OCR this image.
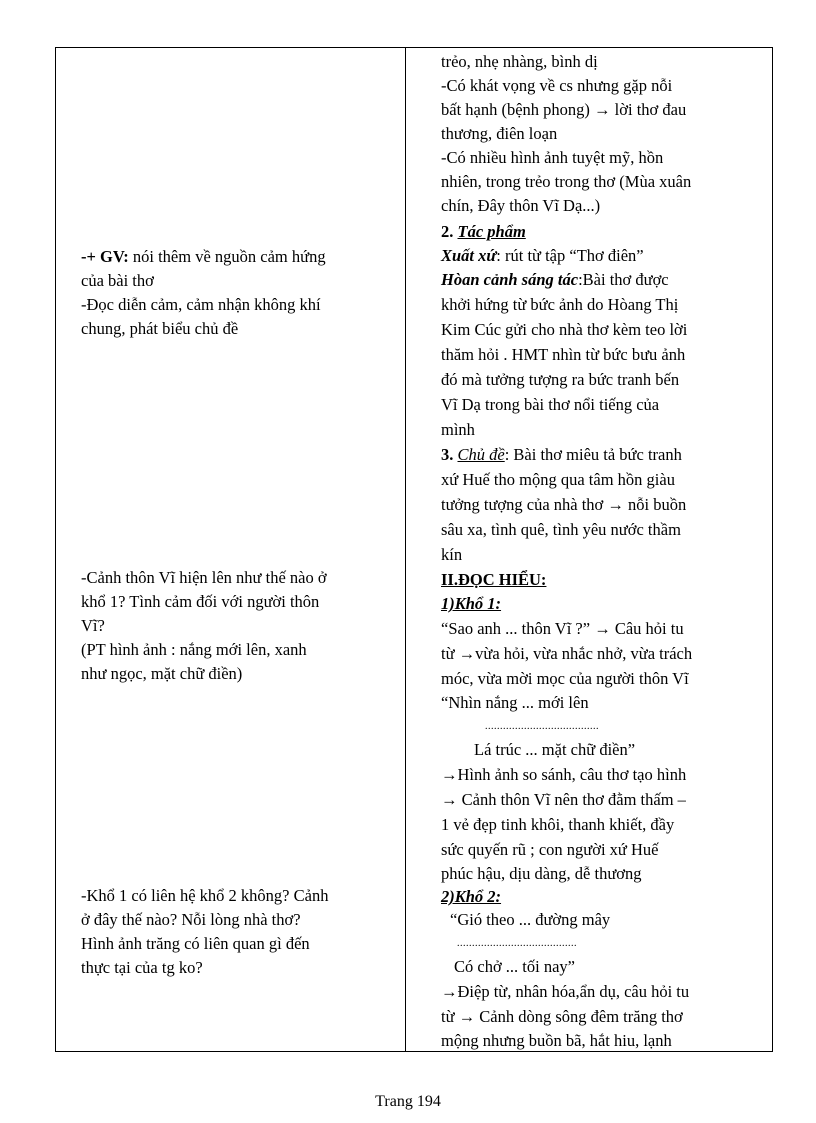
-+ GV: nói thêm về nguồn cảm hứng
của bài thơ
-Đọc diễn cảm, cảm nhận không khí
chung, phát biểu chủ đề
-Cảnh thôn Vĩ hiện lên như thế nào ở
khổ 1? Tình cảm đối với người thôn
Vĩ?
(PT hình ảnh : nắng mới lên, xanh
như ngọc, mặt chữ điền)
-Khổ 1 có liên hệ khổ 2 không? Cảnh
ở đây thế nào? Nỗi lòng nhà thơ?
Hình ảnh trăng có liên quan gì đến
thực tại của tg ko?
trẻo, nhẹ nhàng, bình dị
-Có khát vọng về cs nhưng gặp nỗi
bất hạnh (bệnh phong) → lời thơ đau
thương, điên loạn
-Có nhiều hình ảnh tuyệt mỹ, hồn
nhiên, trong trẻo trong thơ (Mùa xuân
chín, Đây thôn Vĩ Dạ...)
2. Tác phẩm
Xuất xứ: rút từ tập “Thơ điên”
Hòan cảnh sáng tác:Bài thơ được
khởi hứng từ bức ảnh do Hòang Thị
Kim Cúc gửi cho nhà thơ kèm teo lời
thăm hỏi . HMT nhìn từ bức bưu ảnh
đó mà tưởng tượng ra bức tranh bến
Vĩ Dạ trong bài thơ nổi tiếng của
mình
3. Chủ đề: Bài thơ miêu tả bức tranh
xứ Huế tho mộng qua tâm hồn giàu
tưởng tượng của nhà thơ → nỗi buồn
sâu xa, tình quê, tình yêu nước thầm
kín
II.ĐỌC HIỂU:
1)Khổ 1:
“Sao anh ... thôn Vĩ ?” → Câu hỏi tu
từ →vừa hỏi, vừa nhắc nhở, vừa trách
móc, vừa mời mọc của người thôn Vĩ
“Nhìn nắng ... mới lên
......................................
Lá trúc ... mặt chữ điền”
→Hình ảnh so sánh, câu thơ tạo hình
→ Cảnh thôn Vĩ nên thơ đằm thấm –
1 vẻ đẹp tinh khôi, thanh khiết, đầy
sức quyến rũ ; con người xứ Huế
phúc hậu, dịu dàng, dễ thương
2)Khổ 2:
“Gió theo ... đường mây
........................................
Có chở ... tối nay”
→Điệp từ, nhân hóa,ẩn dụ, câu hỏi tu
từ → Cảnh dòng sông đêm trăng thơ
mộng nhưng buồn bã, hắt hiu, lạnh
Trang 194
